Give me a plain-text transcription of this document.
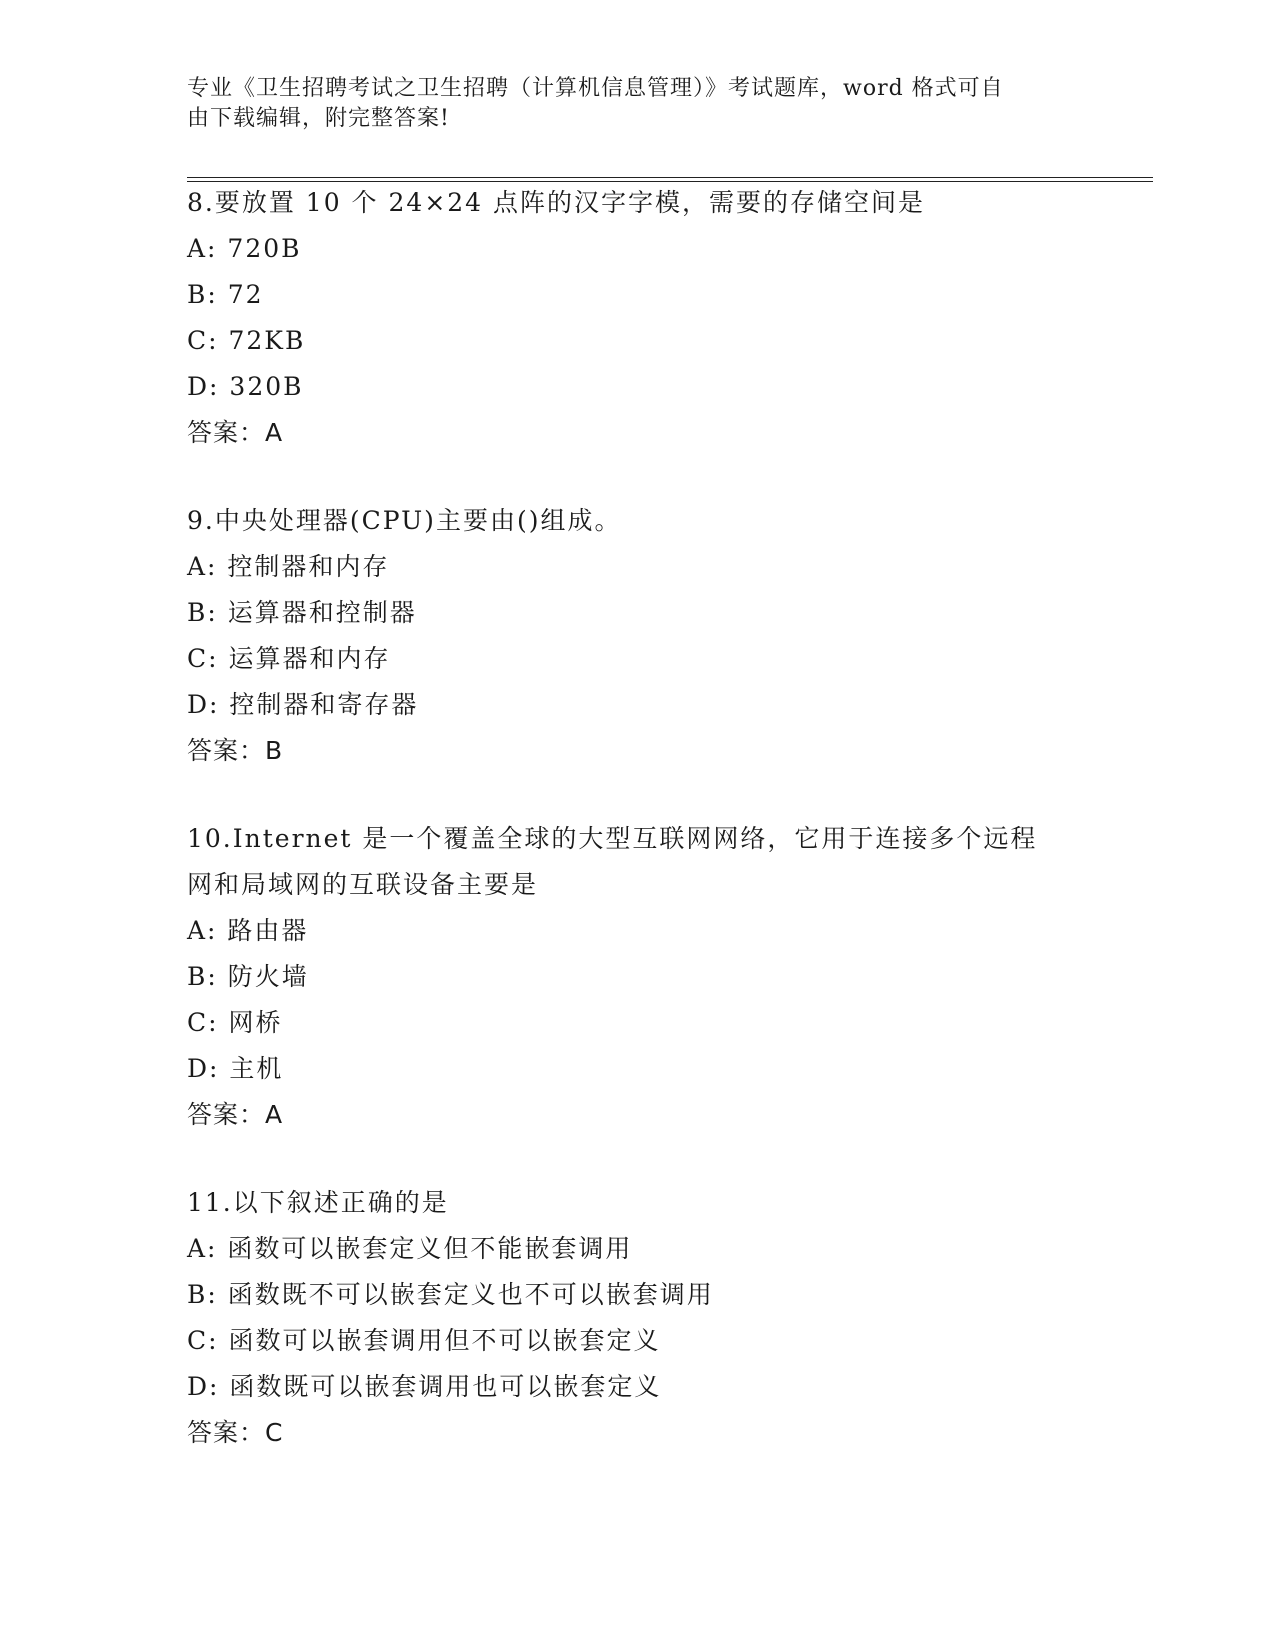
专业《卫生招聘考试之卫生招聘（计算机信息管理）》考试题库，word 格式可自
由下载编辑，附完整答案!

8.要放置 10 个 24×24 点阵的汉字字模，需要的存储空间是

A: 720B

B: 72

C: 72KB

D: 320B

答案：A

9.中央处理器(CPU)主要由()组成。

A: 控制器和内存

B: 运算器和控制器

C: 运算器和内存

D: 控制器和寄存器

答案：B

10.Internet 是一个覆盖全球的大型互联网网络，它用于连接多个远程

网和局域网的互联设备主要是

A: 路由器

B: 防火墙

C: 网桥

D: 主机

答案：A

11.以下叙述正确的是

A: 函数可以嵌套定义但不能嵌套调用

B: 函数既不可以嵌套定义也不可以嵌套调用

C: 函数可以嵌套调用但不可以嵌套定义

D: 函数既可以嵌套调用也可以嵌套定义

答案：C
